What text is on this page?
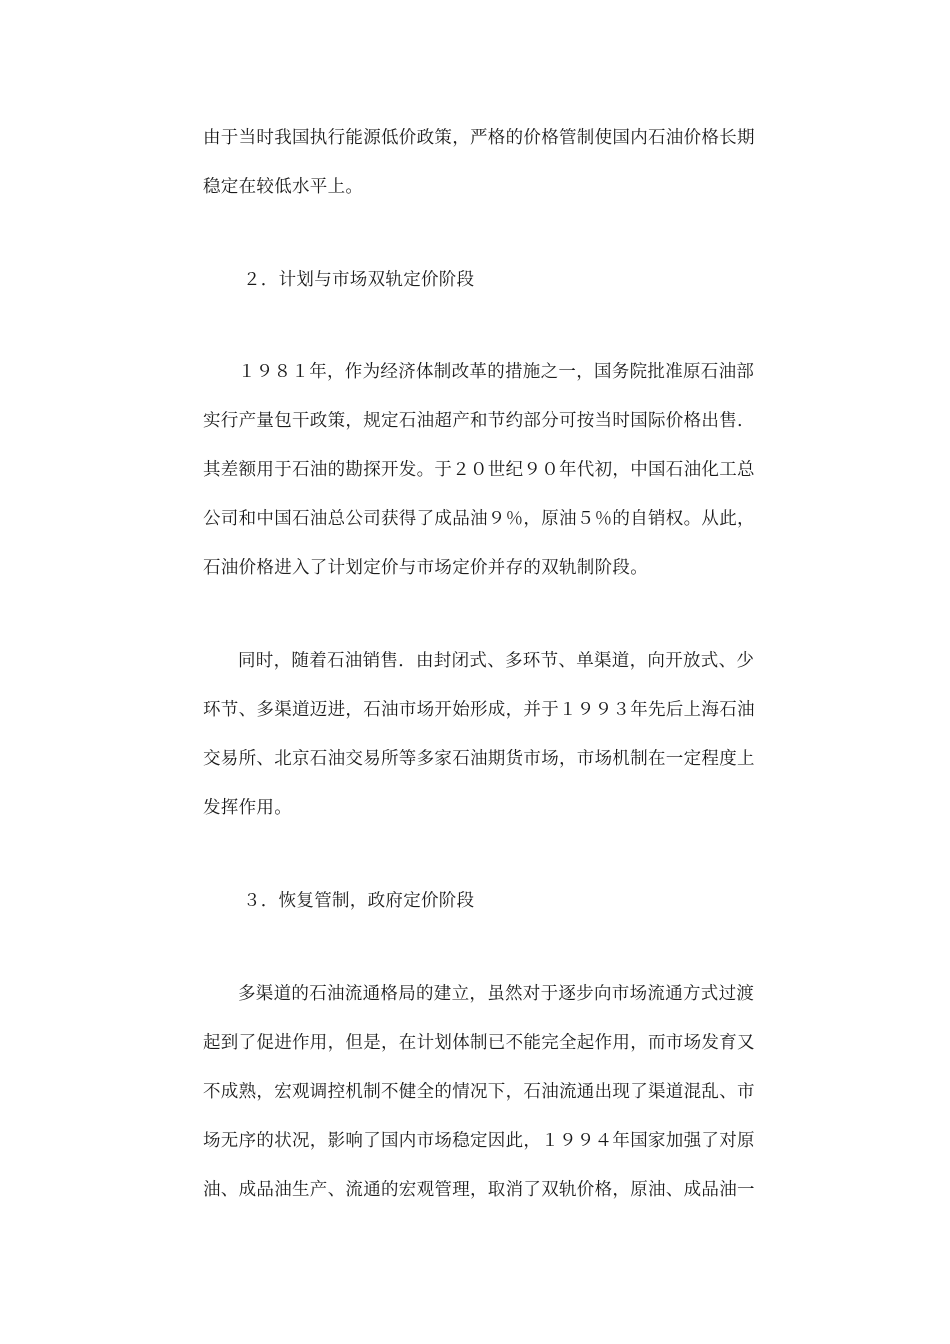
由于当时我国执行能源低价政策，严格的价格管制使国内石油价格长期
稳定在较低水平上。
２．计划与市场双轨定价阶段
１９８１年，作为经济体制改革的措施之一，国务院批准原石油部
实行产量包干政策，规定石油超产和节约部分可按当时国际价格出售.
其差额用于石油的勘探开发。于２０世纪９０年代初，中国石油化工总
公司和中国石油总公司获得了成品油９％，原油５％的自销权。从此，
石油价格进入了计划定价与市场定价并存的双轨制阶段。
同时，随着石油销售．由封闭式、多环节、单渠道，向开放式、少
环节、多渠道迈进，石油市场开始形成，并于１９９３年先后上海石油
交易所、北京石油交易所等多家石油期货市场，市场机制在一定程度上
发挥作用。
３．恢复管制，政府定价阶段
多渠道的石油流通格局的建立，虽然对于逐步向市场流通方式过渡
起到了促进作用，但是，在计划体制已不能完全起作用，而市场发育又
不成熟，宏观调控机制不健全的情况下，石油流通出现了渠道混乱、市
场无序的状况，影响了国内市场稳定因此，１９９４年国家加强了对原
油、成品油生产、流通的宏观管理，取消了双轨价格，原油、成品油一
